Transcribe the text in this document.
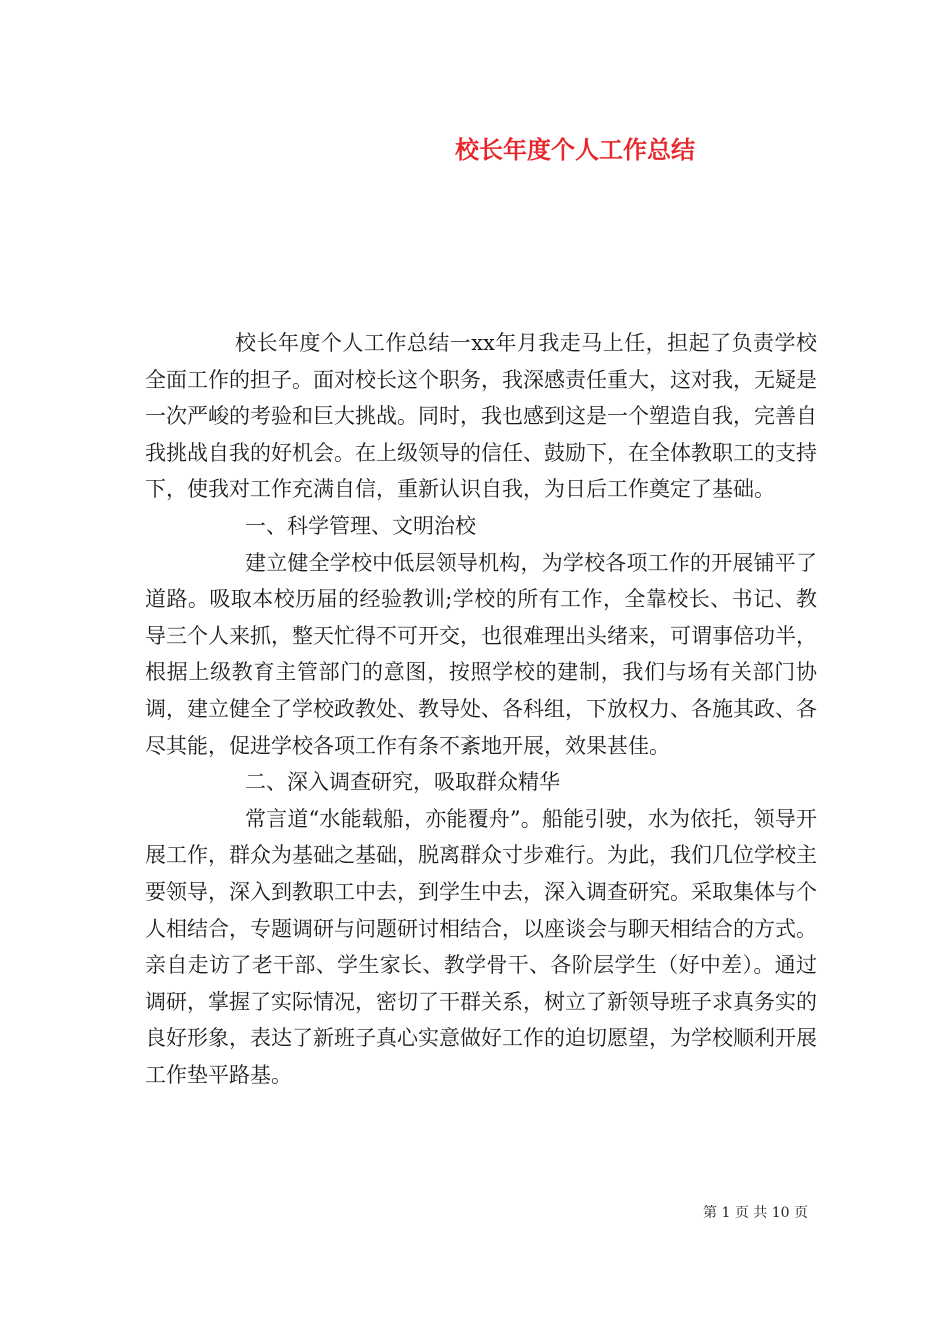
校长年度个人工作总结

校长年度个人工作总结一xx年月我走马上任，担起了负责学校全面工作的担子。面对校长这个职务，我深感责任重大，这对我，无疑是一次严峻的考验和巨大挑战。同时，我也感到这是一个塑造自我，完善自我挑战自我的好机会。在上级领导的信任、鼓励下，在全体教职工的支持下，使我对工作充满自信，重新认识自我，为日后工作奠定了基础。

一、科学管理、文明治校

建立健全学校中低层领导机构，为学校各项工作的开展铺平了道路。吸取本校历届的经验教训;学校的所有工作，全靠校长、书记、教导三个人来抓，整天忙得不可开交，也很难理出头绪来，可谓事倍功半，根据上级教育主管部门的意图，按照学校的建制，我们与场有关部门协调，建立健全了学校政教处、教导处、各科组，下放权力、各施其政、各尽其能，促进学校各项工作有条不紊地开展，效果甚佳。

二、深入调查研究，吸取群众精华

常言道“水能载船，亦能覆舟”。船能引驶，水为依托，领导开展工作，群众为基础之基础，脱离群众寸步难行。为此，我们几位学校主要领导，深入到教职工中去，到学生中去，深入调查研究。采取集体与个人相结合，专题调研与问题研讨相结合，以座谈会与聊天相结合的方式。亲自走访了老干部、学生家长、教学骨干、各阶层学生（好中差）。通过调研，掌握了实际情况，密切了干群关系，树立了新领导班子求真务实的良好形象，表达了新班子真心实意做好工作的迫切愿望，为学校顺利开展工作垫平路基。

第 1 页 共 10 页
